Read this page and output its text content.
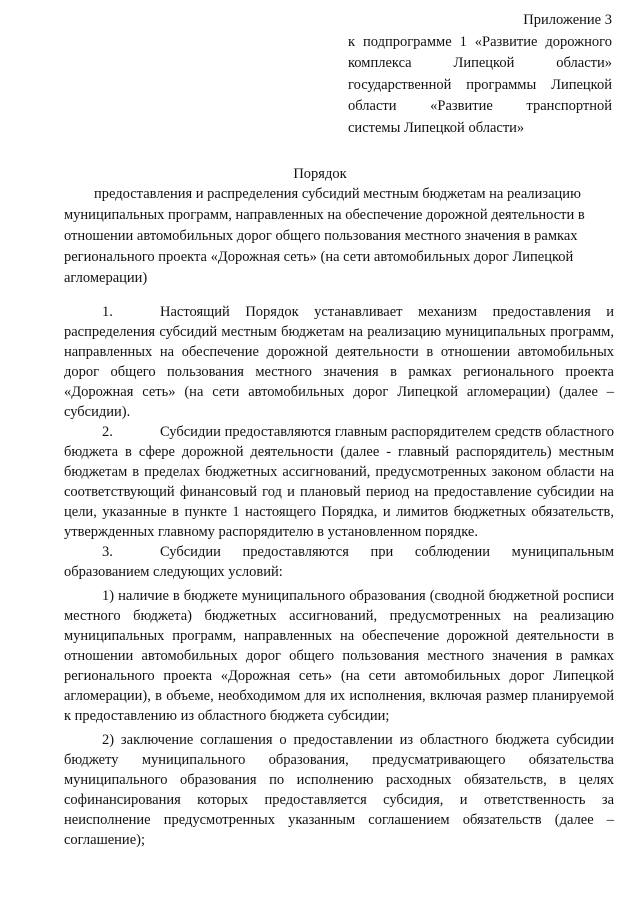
Приложение 3
к подпрограмме 1 «Развитие дорожного
комплекса Липецкой области»
государственной программы Липецкой
области «Развитие транспортной
системы Липецкой области»
Порядок
предоставления и распределения субсидий местным бюджетам на реализацию муниципальных программ, направленных на обеспечение дорожной деятельности в отношении автомобильных дорог общего пользования местного значения в рамках регионального проекта «Дорожная сеть» (на сети автомобильных дорог Липецкой агломерации)

1.	Настоящий Порядок устанавливает механизм предоставления и распределения субсидий местным бюджетам на реализацию муниципальных программ, направленных на обеспечение дорожной деятельности в отношении автомобильных дорог общего пользования местного значения в рамках регионального проекта «Дорожная сеть» (на сети автомобильных дорог Липецкой агломерации) (далее – субсидии).

2.	Субсидии предоставляются главным распорядителем средств областного бюджета в сфере дорожной деятельности (далее - главный распорядитель) местным бюджетам в пределах бюджетных ассигнований, предусмотренных законом области на соответствующий финансовый год и плановый период на предоставление субсидии на цели, указанные в пункте 1 настоящего Порядка, и лимитов бюджетных обязательств, утвержденных главному распорядителю в установленном порядке.

3.	Субсидии предоставляются при соблюдении муниципальным образованием следующих условий:

1) наличие в бюджете муниципального образования (сводной бюджетной росписи местного бюджета) бюджетных ассигнований, предусмотренных на реализацию муниципальных программ, направленных на обеспечение дорожной деятельности в отношении автомобильных дорог общего пользования местного значения в рамках регионального проекта «Дорожная сеть» (на сети автомобильных дорог Липецкой агломерации), в объеме, необходимом для их исполнения, включая размер планируемой к предоставлению из областного бюджета субсидии;

2) заключение соглашения о предоставлении из областного бюджета субсидии бюджету муниципального образования, предусматривающего обязательства муниципального образования по исполнению расходных обязательств, в целях софинансирования которых предоставляется субсидия, и ответственность за неисполнение предусмотренных указанным соглашением обязательств (далее – соглашение);
